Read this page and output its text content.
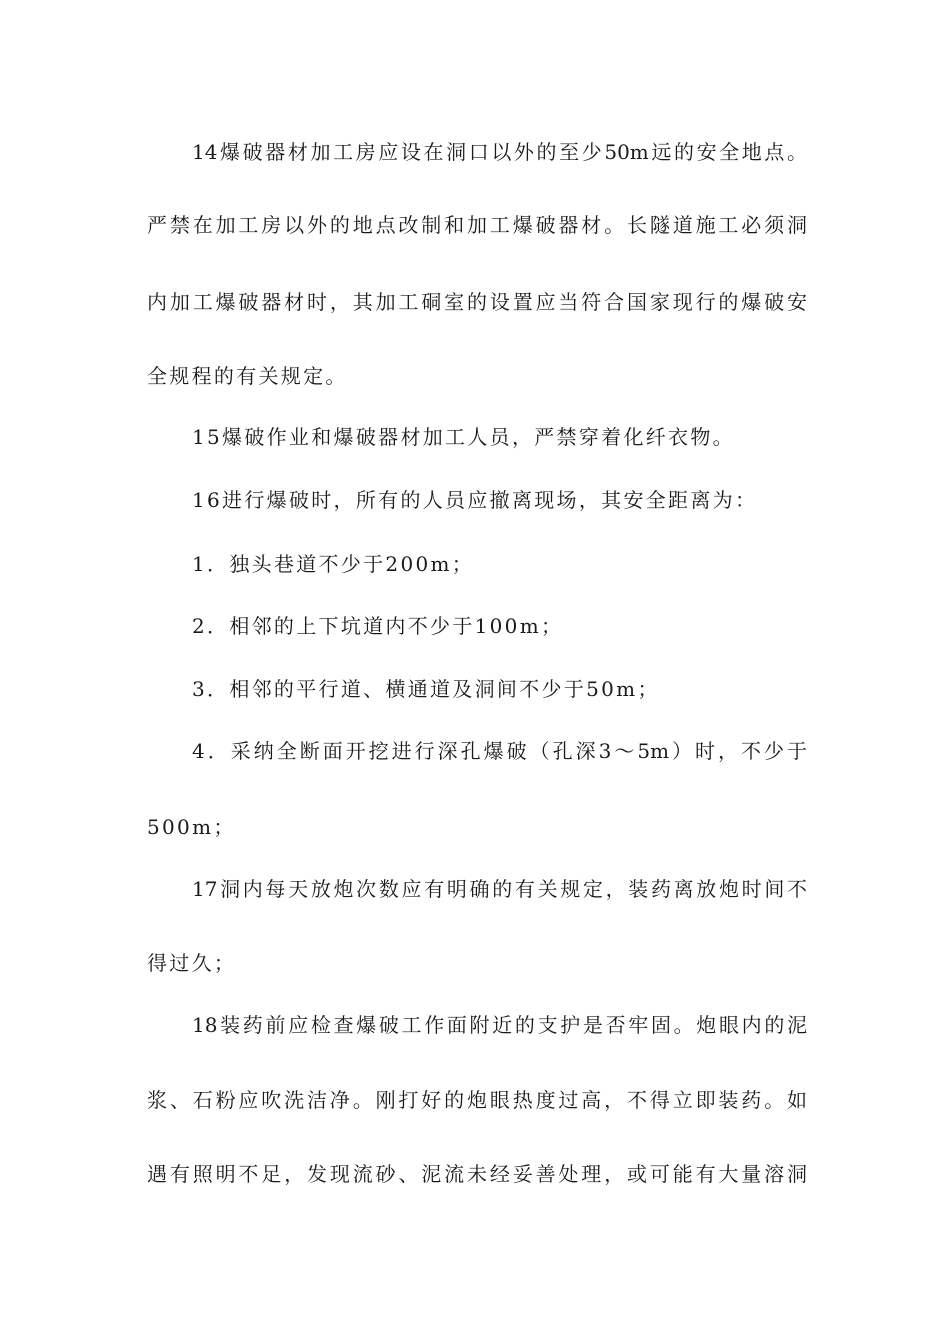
14爆破器材加工房应设在洞口以外的至少50m远的安全地点。
严禁在加工房以外的地点改制和加工爆破器材。长隧道施工必须洞
内加工爆破器材时，其加工硐室的设置应当符合国家现行的爆破安
全规程的有关规定。
15爆破作业和爆破器材加工人员，严禁穿着化纤衣物。
16进行爆破时，所有的人员应撤离现场，其安全距离为：
1．独头巷道不少于200m；
2．相邻的上下坑道内不少于100m；
3．相邻的平行道、横通道及洞间不少于50m；
4．采纳全断面开挖进行深孔爆破（孔深3～5m）时，不少于
500m；
17洞内每天放炮次数应有明确的有关规定，装药离放炮时间不
得过久；
18装药前应检查爆破工作面附近的支护是否牢固。炮眼内的泥
浆、石粉应吹洗洁净。刚打好的炮眼热度过高，不得立即装药。如
遇有照明不足，发现流砂、泥流未经妥善处理，或可能有大量溶洞
